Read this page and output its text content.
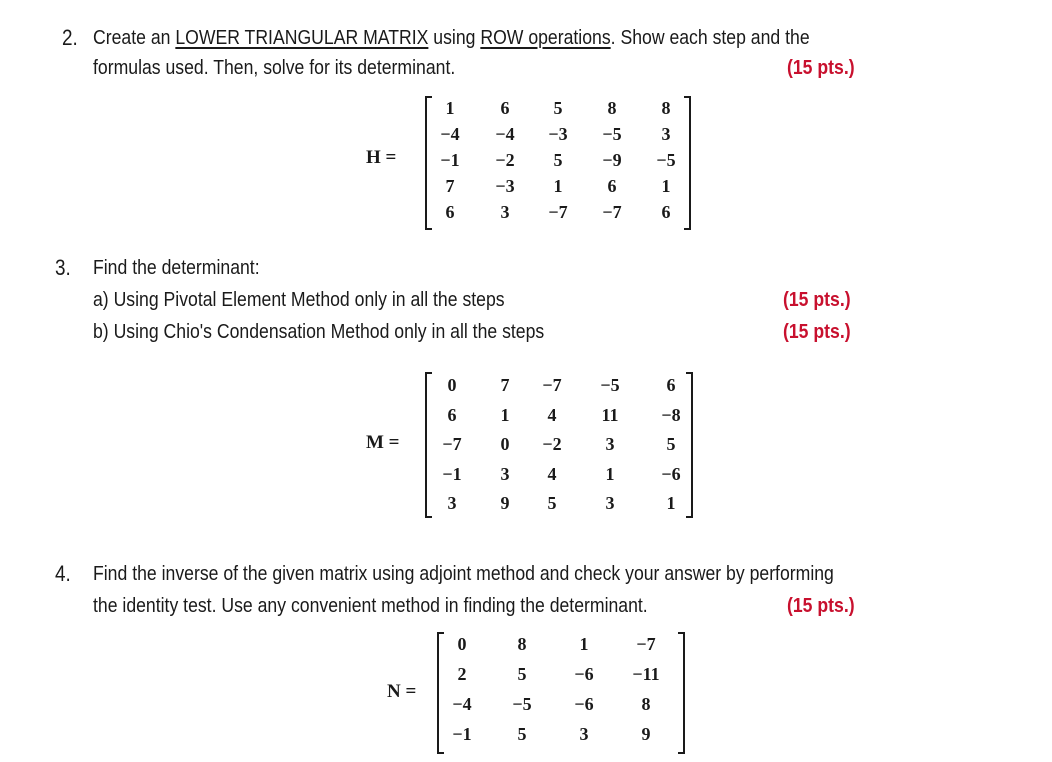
2. Create an LOWER TRIANGULAR MATRIX using ROW operations. Show each step and the
formulas used. Then, solve for its determinant.	(15 pts.)
H =
1	6	5	8	8
−4	−4	−3	−5	3
−1	−2	5	−9	−5
7	−3	1	6	1
6	3	−7	−7	6
3. Find the determinant:
a) Using Pivotal Element Method only in all the steps	(15 pts.)
b) Using Chio's Condensation Method only in all the steps	(15 pts.)
M =
0	7	−7	−5	6
6	1	4	11	−8
−7	0	−2	3	5
−1	3	4	1	−6
3	9	5	3	1
4. Find the inverse of the given matrix using adjoint method and check your answer by performing
the identity test. Use any convenient method in finding the determinant.	(15 pts.)
N =
0	8	1	−7
2	5	−6	−11
−4	−5	−6	8
−1	5	3	9
